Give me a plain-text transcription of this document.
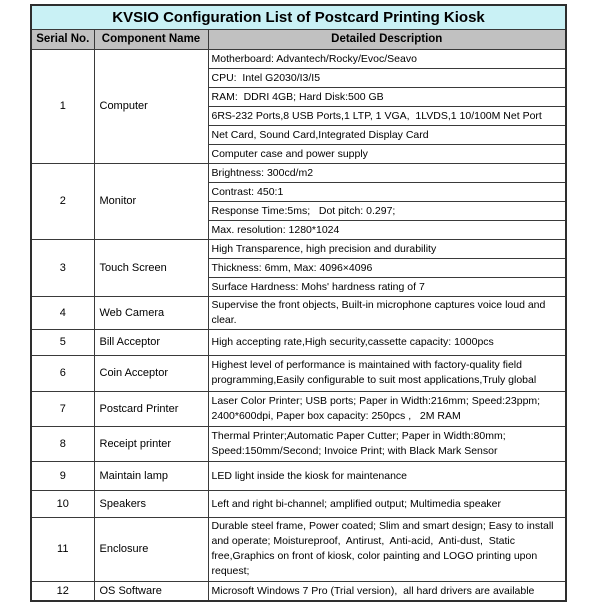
KVSIO Configuration List of Postcard Printing Kiosk		
Serial No.	Component Name	Detailed Description
1	Computer	Motherboard: Advantech/Rocky/Evoc/Seavo
		CPU:  Intel G2030/I3/I5
		RAM:  DDRI 4GB; Hard Disk:500 GB
		6RS-232 Ports,8 USB Ports,1 LTP, 1 VGA,  1LVDS,1 10/100M Net Port
		Net Card, Sound Card,Integrated Display Card
		Computer case and power supply
2	Monitor	Brightness: 300cd/m2
		Contrast: 450:1
		Response Time:5ms;   Dot pitch: 0.297;
		Max. resolution: 1280*1024
3	Touch Screen	High Transparence, high precision and durability
		Thickness: 6mm, Max: 4096×4096
		Surface Hardness: Mohs' hardness rating of 7
4	Web Camera	Supervise the front objects, Built-in microphone captures voice loud and clear.
5	Bill Acceptor	High accepting rate,High security,cassette capacity: 1000pcs
6	Coin Acceptor	Highest level of performance is maintained with factory-quality field programming,Easily configurable to suit most applications,Truly global
7	Postcard Printer	Laser Color Printer; USB ports; Paper in Width:216mm; Speed:23ppm; 2400*600dpi, Paper box capacity: 250pcs ,   2M RAM
8	Receipt printer	Thermal Printer;Automatic Paper Cutter; Paper in Width:80mm; Speed:150mm/Second; Invoice Print; with Black Mark Sensor
9	Maintain lamp	LED light inside the kiosk for maintenance
10	Speakers	Left and right bi-channel; amplified output; Multimedia speaker
11	Enclosure	Durable steel frame, Power coated; Slim and smart design; Easy to install and operate; Moistureproof,  Antirust,  Anti-acid,  Anti-dust,  Static free,Graphics on front of kiosk, color painting and LOGO printing upon request;
12	OS Software	Microsoft Windows 7 Pro (Trial version),  all hard drivers are available
